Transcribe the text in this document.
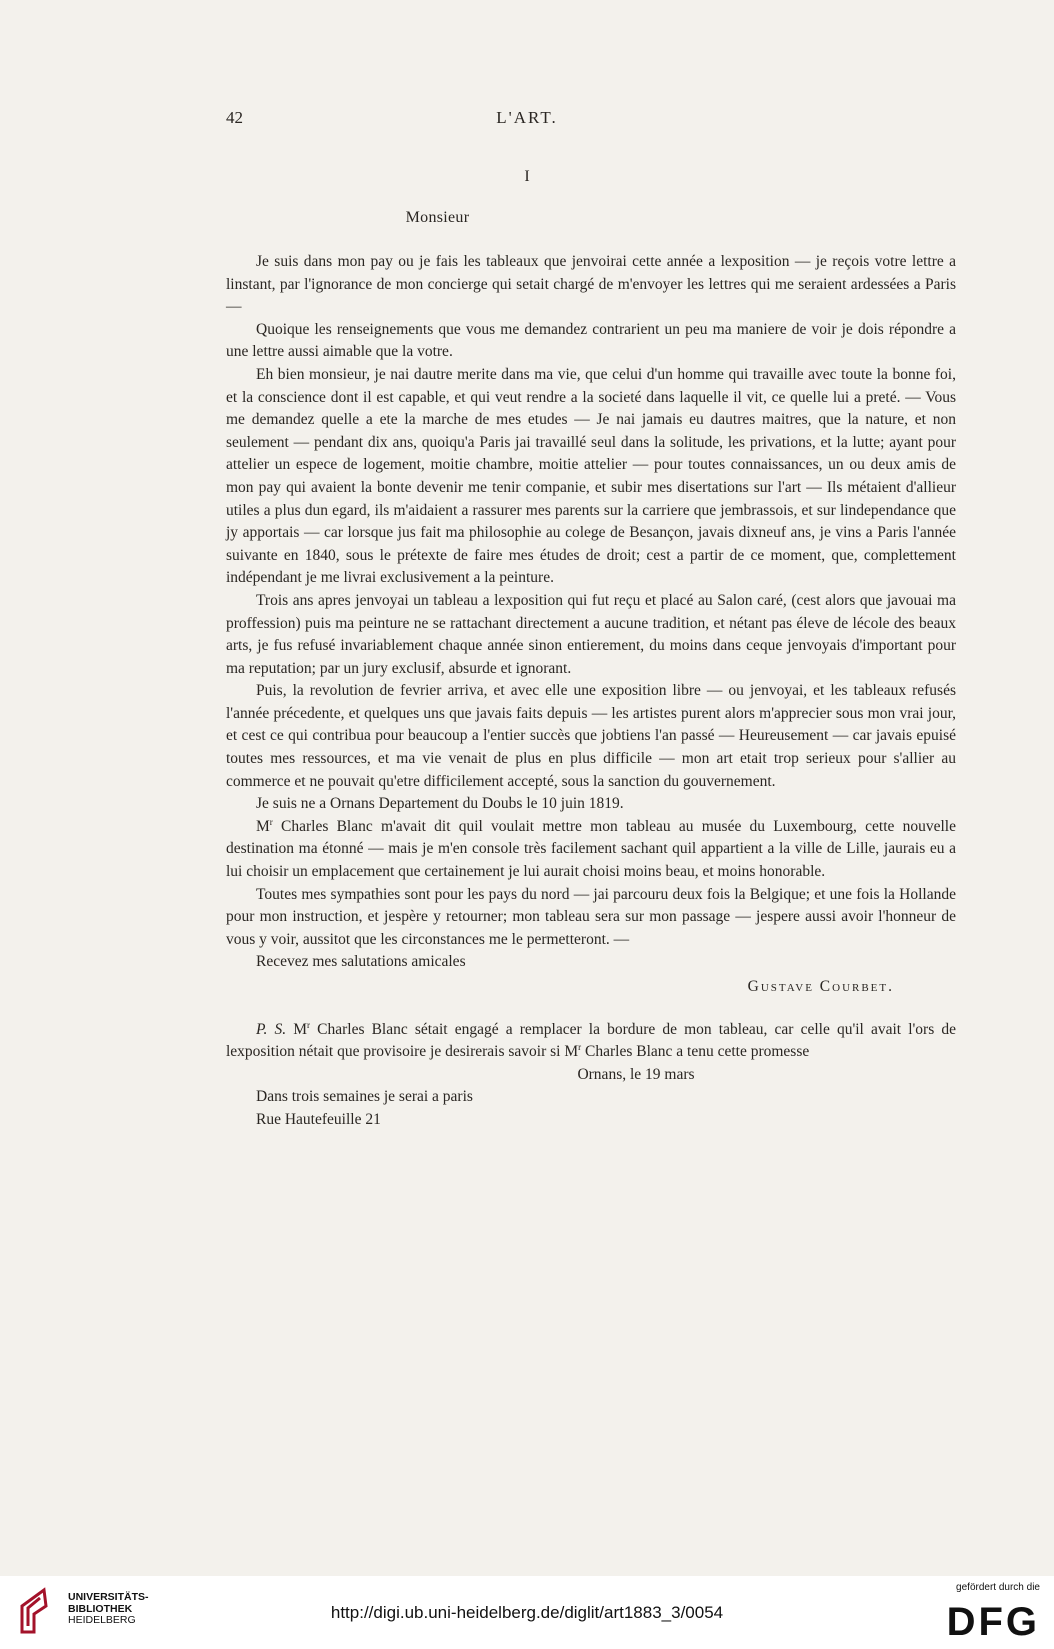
42	L'ART.
I
Monsieur

Je suis dans mon pay ou je fais les tableaux que jenvoirai cette année a lexposition — je reçois votre lettre a linstant, par l'ignorance de mon concierge qui setait chargé de m'envoyer les lettres qui me seraient ardessées a Paris —

Quoique les renseignements que vous me demandez contrarient un peu ma maniere de voir je dois répondre a une lettre aussi aimable que la votre.

Eh bien monsieur, je nai dautre merite dans ma vie, que celui d'un homme qui travaille avec toute la bonne foi, et la conscience dont il est capable, et qui veut rendre a la societé dans laquelle il vit, ce quelle lui a preté. — Vous me demandez quelle a ete la marche de mes etudes — Je nai jamais eu dautres maitres, que la nature, et non seulement — pendant dix ans, quoiqu'a Paris jai travaillé seul dans la solitude, les privations, et la lutte; ayant pour attelier un espece de logement, moitie chambre, moitie attelier — pour toutes connaissances, un ou deux amis de mon pay qui avaient la bonte devenir me tenir companie, et subir mes disertations sur l'art — Ils métaient d'allieur utiles a plus dun egard, ils m'aidaient a rassurer mes parents sur la carriere que jembrassois, et sur lindependance que jy apportais — car lorsque jus fait ma philosophie au colege de Besançon, javais dixneuf ans, je vins a Paris l'année suivante en 1840, sous le prétexte de faire mes études de droit; cest a partir de ce moment, que, complettement indépendant je me livrai exclusivement a la peinture.

Trois ans apres jenvoyai un tableau a lexposition qui fut reçu et placé au Salon caré, (cest alors que javouai ma proffession) puis ma peinture ne se rattachant directement a aucune tradition, et nétant pas éleve de lécole des beaux arts, je fus refusé invariablement chaque année sinon entierement, du moins dans ceque jenvoyais d'important pour ma reputation; par un jury exclusif, absurde et ignorant.

Puis, la revolution de fevrier arriva, et avec elle une exposition libre — ou jenvoyai, et les tableaux refusés l'année précedente, et quelques uns que javais faits depuis — les artistes purent alors m'apprecier sous mon vrai jour, et cest ce qui contribua pour beaucoup a l'entier succès que jobtiens l'an passé — Heureusement — car javais epuisé toutes mes ressources, et ma vie venait de plus en plus difficile — mon art etait trop serieux pour s'allier au commerce et ne pouvait qu'etre difficilement accepté, sous la sanction du gouvernement.

Je suis ne a Ornans Departement du Doubs le 10 juin 1819.

$M^r$ Charles Blanc m'avait dit quil voulait mettre mon tableau au musée du Luxembourg, cette nouvelle destination ma étonné — mais je m'en console très facilement sachant quil appartient a la ville de Lille, jaurais eu a lui choisir un emplacement que certainement je lui aurait choisi moins beau, et moins honorable.

Toutes mes sympathies sont pour les pays du nord — jai parcouru deux fois la Belgique; et une fois la Hollande pour mon instruction, et jespère y retourner; mon tableau sera sur mon passage — jespere aussi avoir l'honneur de vous y voir, aussitot que les circonstances me le permetteront. —

Recevez mes salutations amicales

Gustave Courbet.

P. S. $M^r$ Charles Blanc sétait engagé a remplacer la bordure de mon tableau, car celle qu'il avait l'ors de lexposition nétait que provisoire je desirerais savoir si $M^r$ Charles Blanc a tenu cette promesse

Ornans, le 19 mars

Dans trois semaines je serai a paris

Rue Hautefeuille 21

UNIVERSITÄTS-
BIBLIOTHEK
HEIDELBERG	http://digi.ub.uni-heidelberg.de/diglit/art1883_3/0054
gefördert durch die
DFG
